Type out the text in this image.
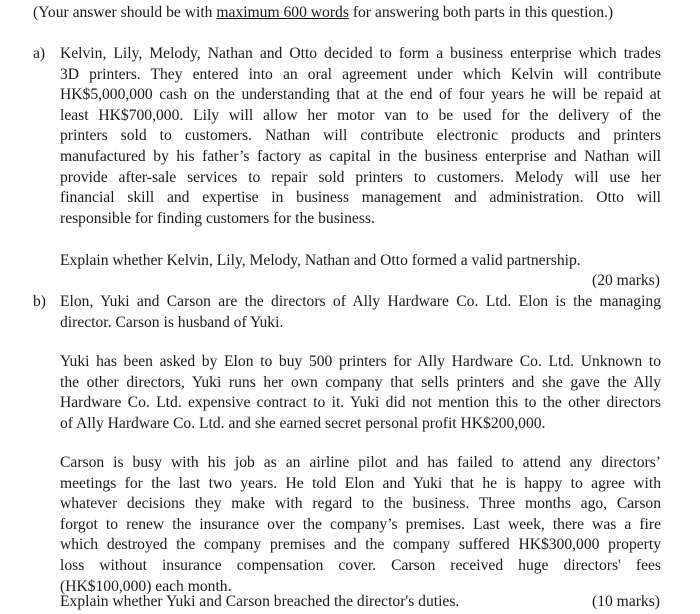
(Your answer should be with maximum 600 words for answering both parts in this question.)
a) Kelvin, Lily, Melody, Nathan and Otto decided to form a business enterprise which trades
3D printers. They entered into an oral agreement under which Kelvin will contribute
HK$5,000,000 cash on the understanding that at the end of four years he will be repaid at
least HK$700,000. Lily will allow her motor van to be used for the delivery of the
printers sold to customers. Nathan will contribute electronic products and printers
manufactured by his father’s factory as capital in the business enterprise and Nathan will
provide after-sale services to repair sold printers to customers. Melody will use her
financial skill and expertise in business management and administration. Otto will
responsible for finding customers for the business.
Explain whether Kelvin, Lily, Melody, Nathan and Otto formed a valid partnership.
(20 marks)
b) Elon, Yuki and Carson are the directors of Ally Hardware Co. Ltd. Elon is the managing
director. Carson is husband of Yuki.
Yuki has been asked by Elon to buy 500 printers for Ally Hardware Co. Ltd. Unknown to
the other directors, Yuki runs her own company that sells printers and she gave the Ally
Hardware Co. Ltd. expensive contract to it. Yuki did not mention this to the other directors
of Ally Hardware Co. Ltd. and she earned secret personal profit HK$200,000.
Carson is busy with his job as an airline pilot and has failed to attend any directors’
meetings for the last two years. He told Elon and Yuki that he is happy to agree with
whatever decisions they make with regard to the business. Three months ago, Carson
forgot to renew the insurance over the company’s premises. Last week, there was a fire
which destroyed the company premises and the company suffered HK$300,000 property
loss without insurance compensation cover. Carson received huge directors' fees
(HK$100,000) each month.
Explain whether Yuki and Carson breached the director's duties.	(10 marks)
